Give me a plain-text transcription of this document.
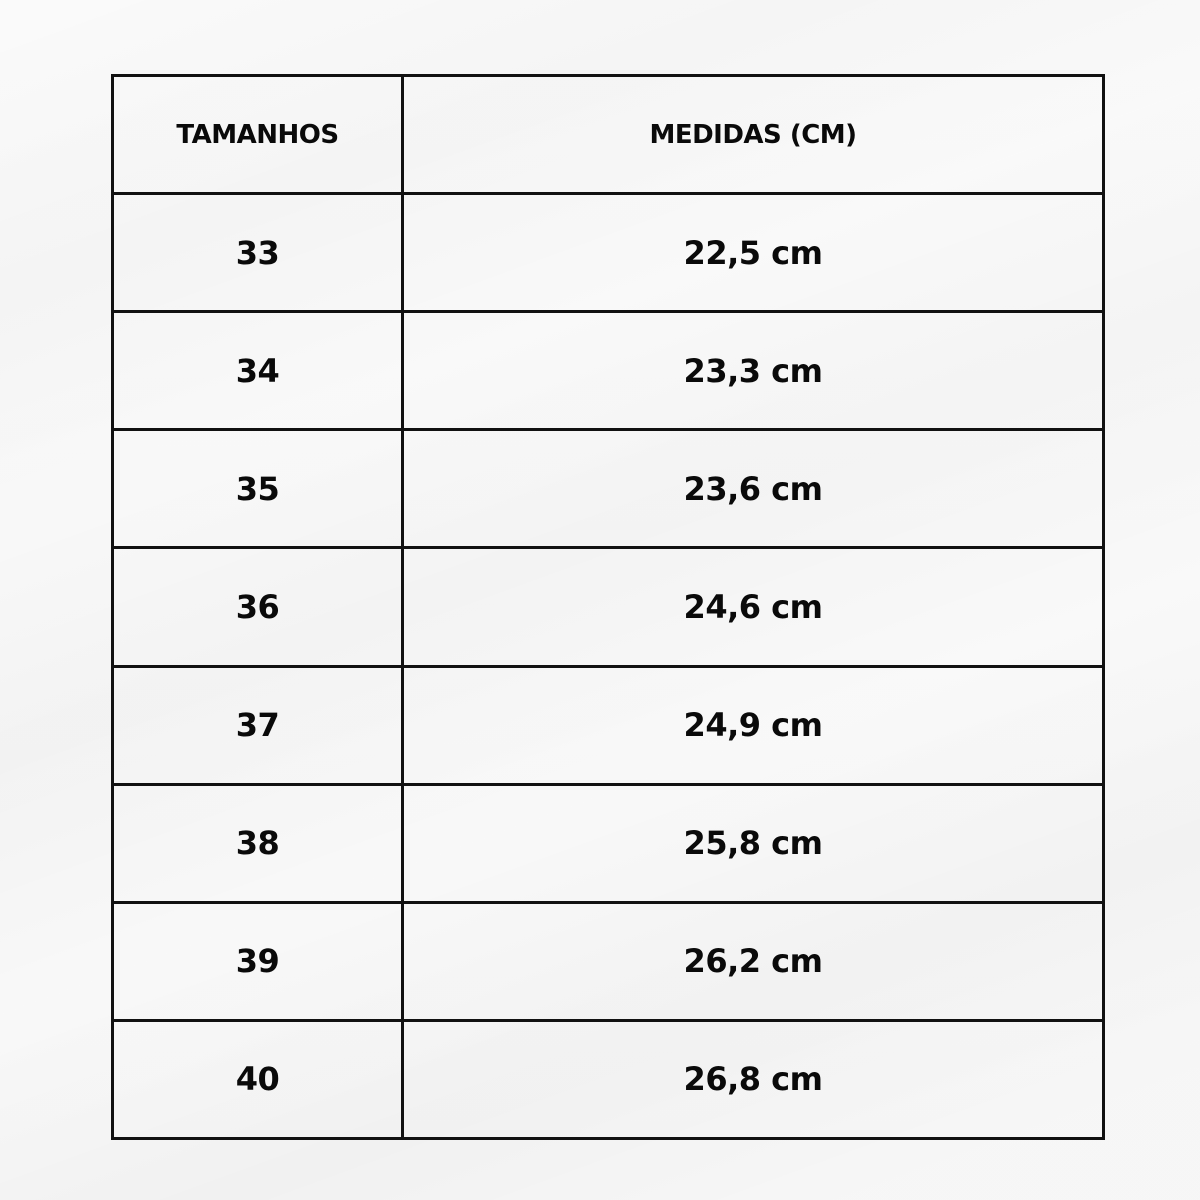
TAMANHOS	MEDIDAS (CM)
33	22,5 cm
34	23,3 cm
35	23,6 cm
36	24,6 cm
37	24,9 cm
38	25,8 cm
39	26,2 cm
40	26,8 cm
